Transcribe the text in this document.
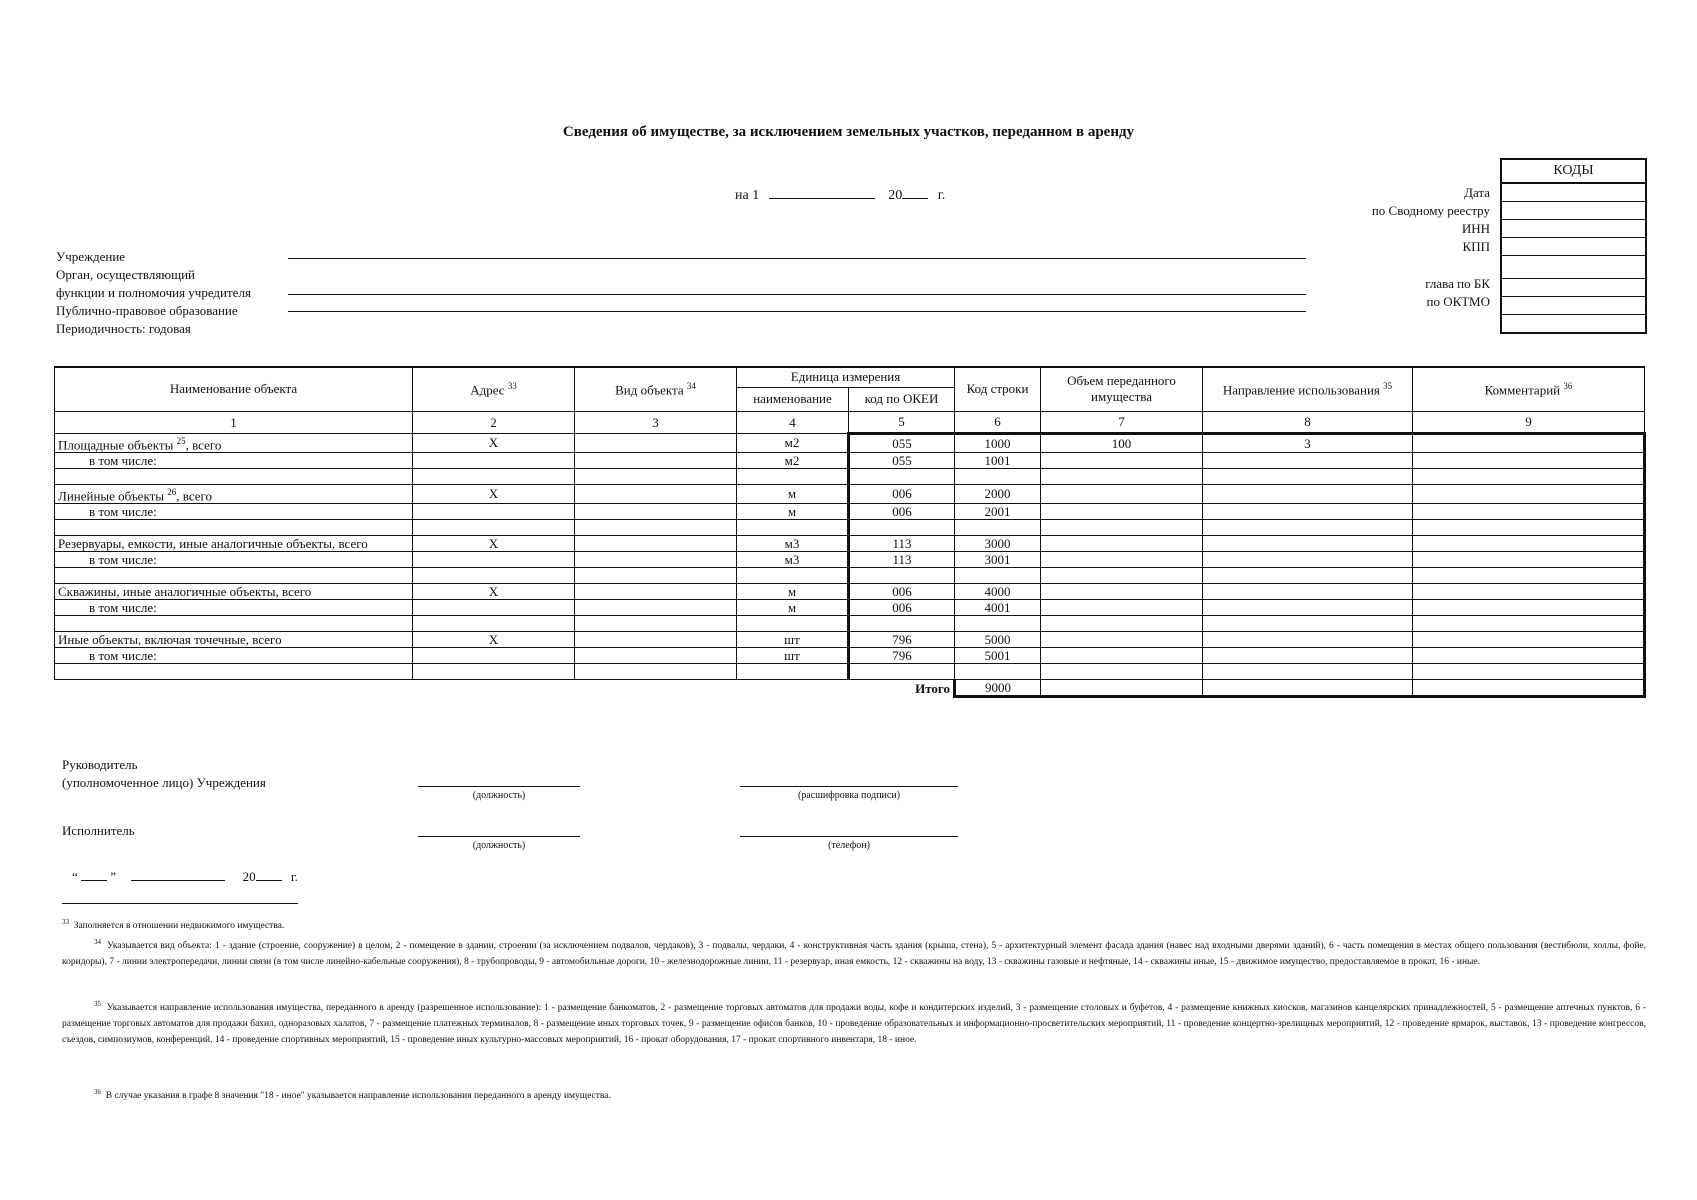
Сведения об имуществе, за исключением земельных участков, переданном в аренду
на 1	20	г.	Дата
по Сводному реестру
ИНН
КПП
глава по БК
по ОКТМО
КОДЫ
Учреждение
Орган, осуществляющий
функции и полномочия учредителя
Публично-правовое образование
Периодичность: годовая
Наименование объекта	Адрес $^{33}$	Вид объекта $^{34}$	Единица измерения		Код строки	Объем переданного имущества	Направление использования $^{35}$	Комментарий $^{36}$
			наименование	код по ОКЕИ				
1	2	3	4	5	6	7	8	9
Площадные объекты $^{25}$, всего	X		м2	055	1000	100	3	
в том числе:			м2	055	1001			

Линейные объекты $^{26}$, всего	X		м	006	2000			
в том числе:			м	006	2001			

Резервуары, емкости, иные аналогичные объекты, всего	X		м3	113	3000			
в том числе:			м3	113	3001			

Скважины, иные аналогичные объекты, всего	X		м	006	4000			
в том числе:			м	006	4001			

Иные объекты, включая точечные, всего	X		шт	796	5000			
в том числе:			шт	796	5001			

Итого					9000			
Руководитель
(уполномоченное лицо) Учреждения
(должность)	(расшифровка подписи)
Исполнитель
(должность)	(телефон)
“	”	20	г.
$^{33}$ Заполняется в отношении недвижимого имущества.
$^{34}$ Указывается вид объекта: 1 - здание (строение, сооружение) в целом, 2 - помещение в здании, строении (за исключением подвалов, чердаков), 3 - подвалы, чердаки, 4 - конструктивная часть здания (крыша, стена), 5 - архитектурный элемент фасада здания (навес над входными дверями зданий), 6 - часть помещения в местах общего пользования (вестибюли, холлы, фойе, коридоры), 7 - линии электропередачи, линии связи (в том числе линейно-кабельные сооружения), 8 - трубопроводы, 9 - автомобильные дороги, 10 - железнодорожные линии, 11 - резервуар, иная емкость, 12 - скважины на воду, 13 - скважины газовые и нефтяные, 14 - скважины иные, 15 - движимое имущество, предоставляемое в прокат, 16 - иные.
$^{35}$ Указывается направление использования имущества, переданного в аренду (разрешенное использование): 1 - размещение банкоматов, 2 - размещение торговых автоматов для продажи воды, кофе и кондитерских изделий, 3 - размещение столовых и буфетов, 4 - размещение книжных киосков, магазинов канцелярских принадлежностей, 5 - размещение аптечных пунктов, 6 - размещение торговых автоматов для продажи бахил, одноразовых халатов, 7 - размещение платежных терминалов, 8 - размещение иных торговых точек, 9 - размещение офисов банков, 10 - проведение образовательных и информационно-просветительских мероприятий, 11 - проведение концертно-зрелищных мероприятий, 12 - проведение ярмарок, выставок, 13 - проведение конгрессов, съездов, симпозиумов, конференций, 14 - проведение спортивных мероприятий, 15 - проведение иных культурно-массовых мероприятий, 16 - прокат оборудования, 17 - прокат спортивного инвентаря, 18 - иное.
$^{36}$ В случае указания в графе 8 значения "18 - иное" указывается направление использования переданного в аренду имущества.
